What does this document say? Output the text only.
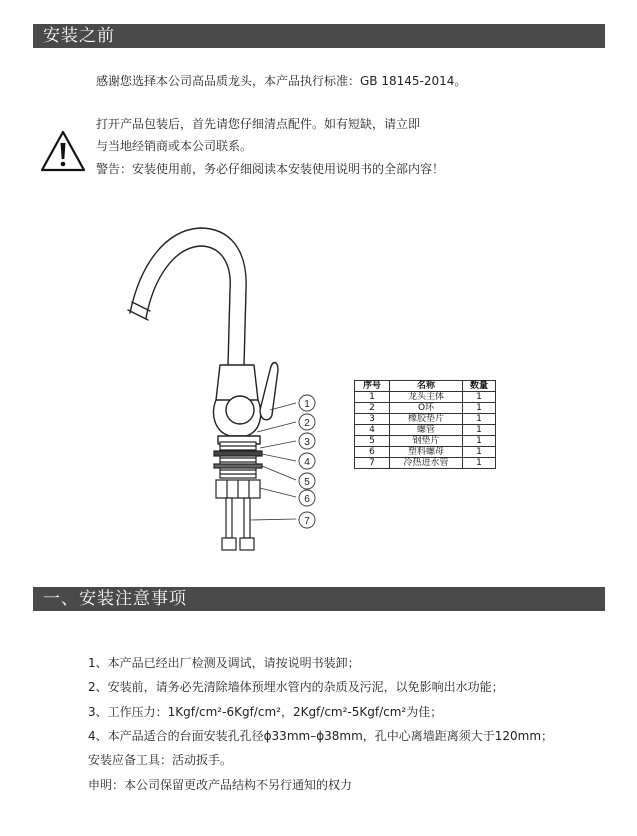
安装之前
感谢您选择本公司高品质龙头，本产品执行标准：GB 18145-2014。
打开产品包装后，首先请您仔细清点配件。如有短缺，请立即
与当地经销商或本公司联系。
警告：安装使用前，务必仔细阅读本安装使用说明书的全部内容！
1
2
3
4
5
6
7
序号	名称	数量
1	龙头主体	1
2	O环	1
3	橡胶垫片	1
4	螺管	1
5	钢垫片	1
6	塑料螺母	1
7	冷热进水管	1
一、安装注意事项
1、本产品已经出厂检测及调试，请按说明书装卸；
2、安装前，请务必先清除墙体预埋水管内的杂质及污泥，以免影响出水功能；
3、工作压力：1Kgf/cm²-6Kgf/cm²，2Kgf/cm²-5Kgf/cm²为佳；
4、本产品适合的台面安装孔孔径ϕ33mm–ϕ38mm，孔中心离墙距离须大于120mm；
安装应备工具：活动扳手。
申明：本公司保留更改产品结构不另行通知的权力
